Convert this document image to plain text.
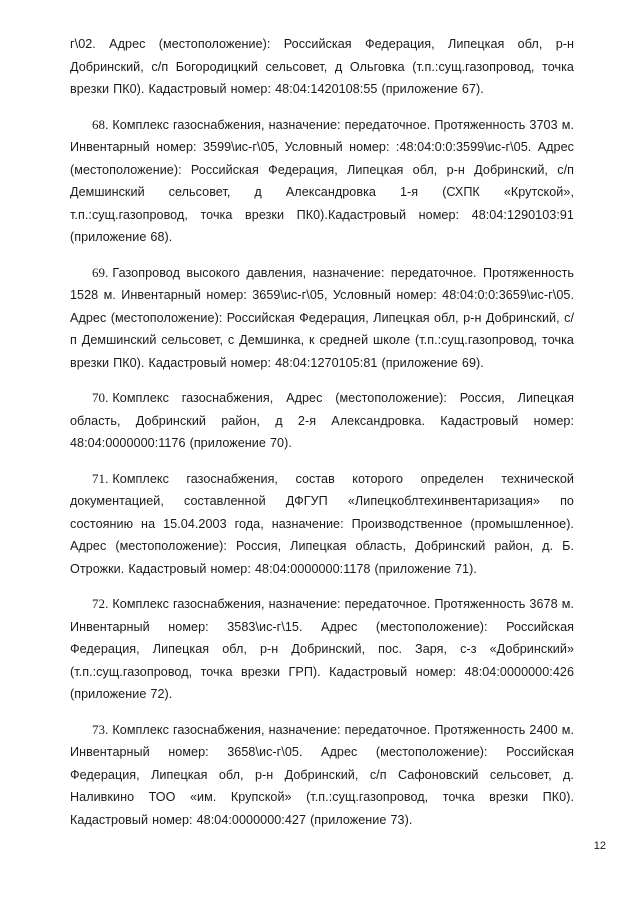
г\02. Адрес (местоположение): Российская Федерация, Липецкая обл, р-н Добринский, с/п Богородицкий сельсовет, д Ольговка (т.п.:сущ.газопровод, точка врезки ПК0). Кадастровый номер: 48:04:1420108:55 (приложение 67).

68. Комплекс газоснабжения, назначение: передаточное. Протяженность 3703 м. Инвентарный номер: 3599\ис-г\05, Условный номер: :48:04:0:0:3599\ис-г\05. Адрес (местоположение): Российская Федерация, Липецкая обл, р-н Добринский, с/п Демшинский сельсовет, д Александровка 1-я (СХПК «Крутской», т.п.:сущ.газопровод, точка врезки ПК0).Кадастровый номер: 48:04:1290103:91 (приложение 68).

69. Газопровод высокого давления, назначение: передаточное. Протяженность 1528 м. Инвентарный номер: 3659\ис-г\05, Условный номер: 48:04:0:0:3659\ис-г\05. Адрес (местоположение): Российская Федерация, Липецкая обл, р-н Добринский, с/п Демшинский сельсовет, с Демшинка, к средней школе (т.п.:сущ.газопровод, точка врезки ПК0). Кадастровый номер: 48:04:1270105:81 (приложение 69).

70. Комплекс газоснабжения, Адрес (местоположение): Россия, Липецкая область, Добринский район, д 2-я Александровка. Кадастровый номер: 48:04:0000000:1176 (приложение 70).

71. Комплекс газоснабжения, состав которого определен технической документацией, составленной ДФГУП «Липецкоблтехинвентаризация» по состоянию на 15.04.2003 года, назначение: Производственное (промышленное). Адрес (местоположение): Россия, Липецкая область, Добринский район, д. Б. Отрожки. Кадастровый номер: 48:04:0000000:1178 (приложение 71).

72. Комплекс газоснабжения, назначение: передаточное. Протяженность 3678 м. Инвентарный номер: 3583\ис-г\15. Адрес (местоположение): Российская Федерация, Липецкая обл, р-н Добринский, пос. Заря, с-з «Добринский» (т.п.:сущ.газопровод, точка врезки ГРП). Кадастровый номер: 48:04:0000000:426 (приложение 72).

73. Комплекс газоснабжения, назначение: передаточное. Протяженность 2400 м. Инвентарный номер: 3658\ис-г\05. Адрес (местоположение): Российская Федерация, Липецкая обл, р-н Добринский, с/п Сафоновский сельсовет, д. Наливкино ТОО «им. Крупской» (т.п.:сущ.газопровод, точка врезки ПК0). Кадастровый номер: 48:04:0000000:427 (приложение 73).

12
